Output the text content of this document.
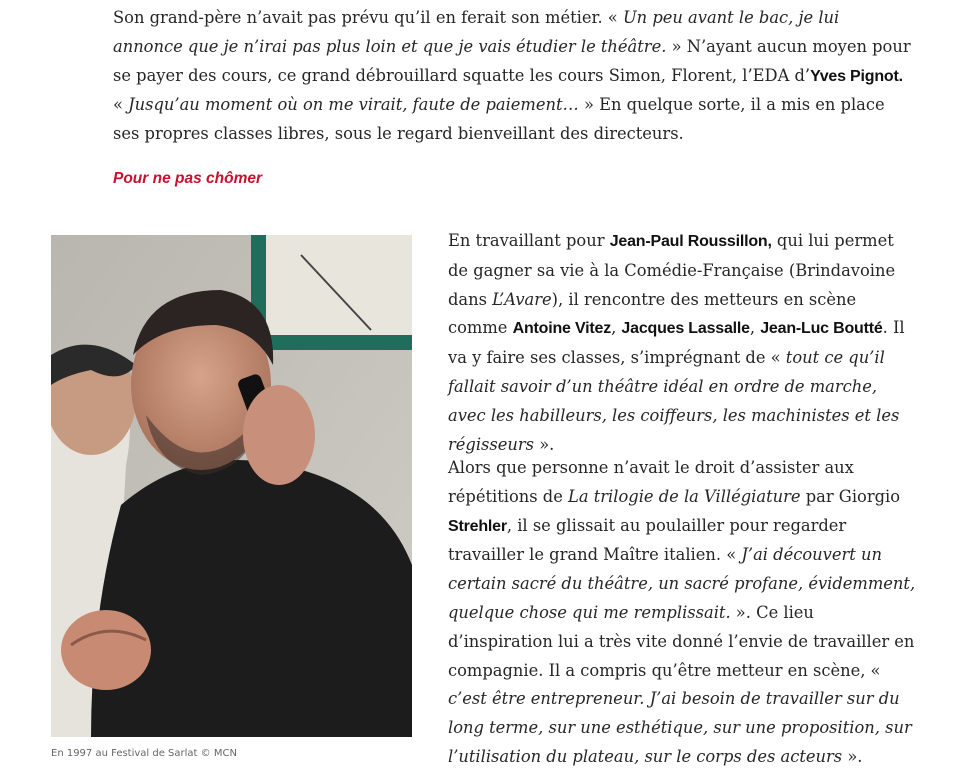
Son grand-père n’avait pas prévu qu’il en ferait son métier. « Un peu avant le bac, je lui annonce que je n’irai pas plus loin et que je vais étudier le théâtre. » N’ayant aucun moyen pour se payer des cours, ce grand débrouillard squatte les cours Simon, Florent, l’EDA d’Yves Pignot. « Jusqu’au moment où on me virait, faute de paiement… » En quelque sorte, il a mis en place ses propres classes libres, sous le regard bienveillant des directeurs.

Pour ne pas chômer

En 1997 au Festival de Sarlat © MCN

En travaillant pour Jean-Paul Roussillon, qui lui permet de gagner sa vie à la Comédie-Française (Brindavoine dans L’Avare), il rencontre des metteurs en scène comme Antoine Vitez, Jacques Lassalle, Jean-Luc Boutté. Il va y faire ses classes, s’imprégnant de « tout ce qu’il fallait savoir d’un théâtre idéal en ordre de marche, avec les habilleurs, les coiffeurs, les machinistes et les régisseurs ».

Alors que personne n’avait le droit d’assister aux répétitions de La trilogie de la Villégiature par Giorgio Strehler, il se glissait au poulailler pour regarder travailler le grand Maître italien. « J’ai découvert un certain sacré du théâtre, un sacré profane, évidemment, quelque chose qui me remplissait. ». Ce lieu d’inspiration lui a très vite donné l’envie de travailler en compagnie. Il a compris qu’être metteur en scène, « c’est être entrepreneur. J’ai besoin de travailler sur du long terme, sur une esthétique, sur une proposition, sur l’utilisation du plateau, sur le corps des acteurs ».
